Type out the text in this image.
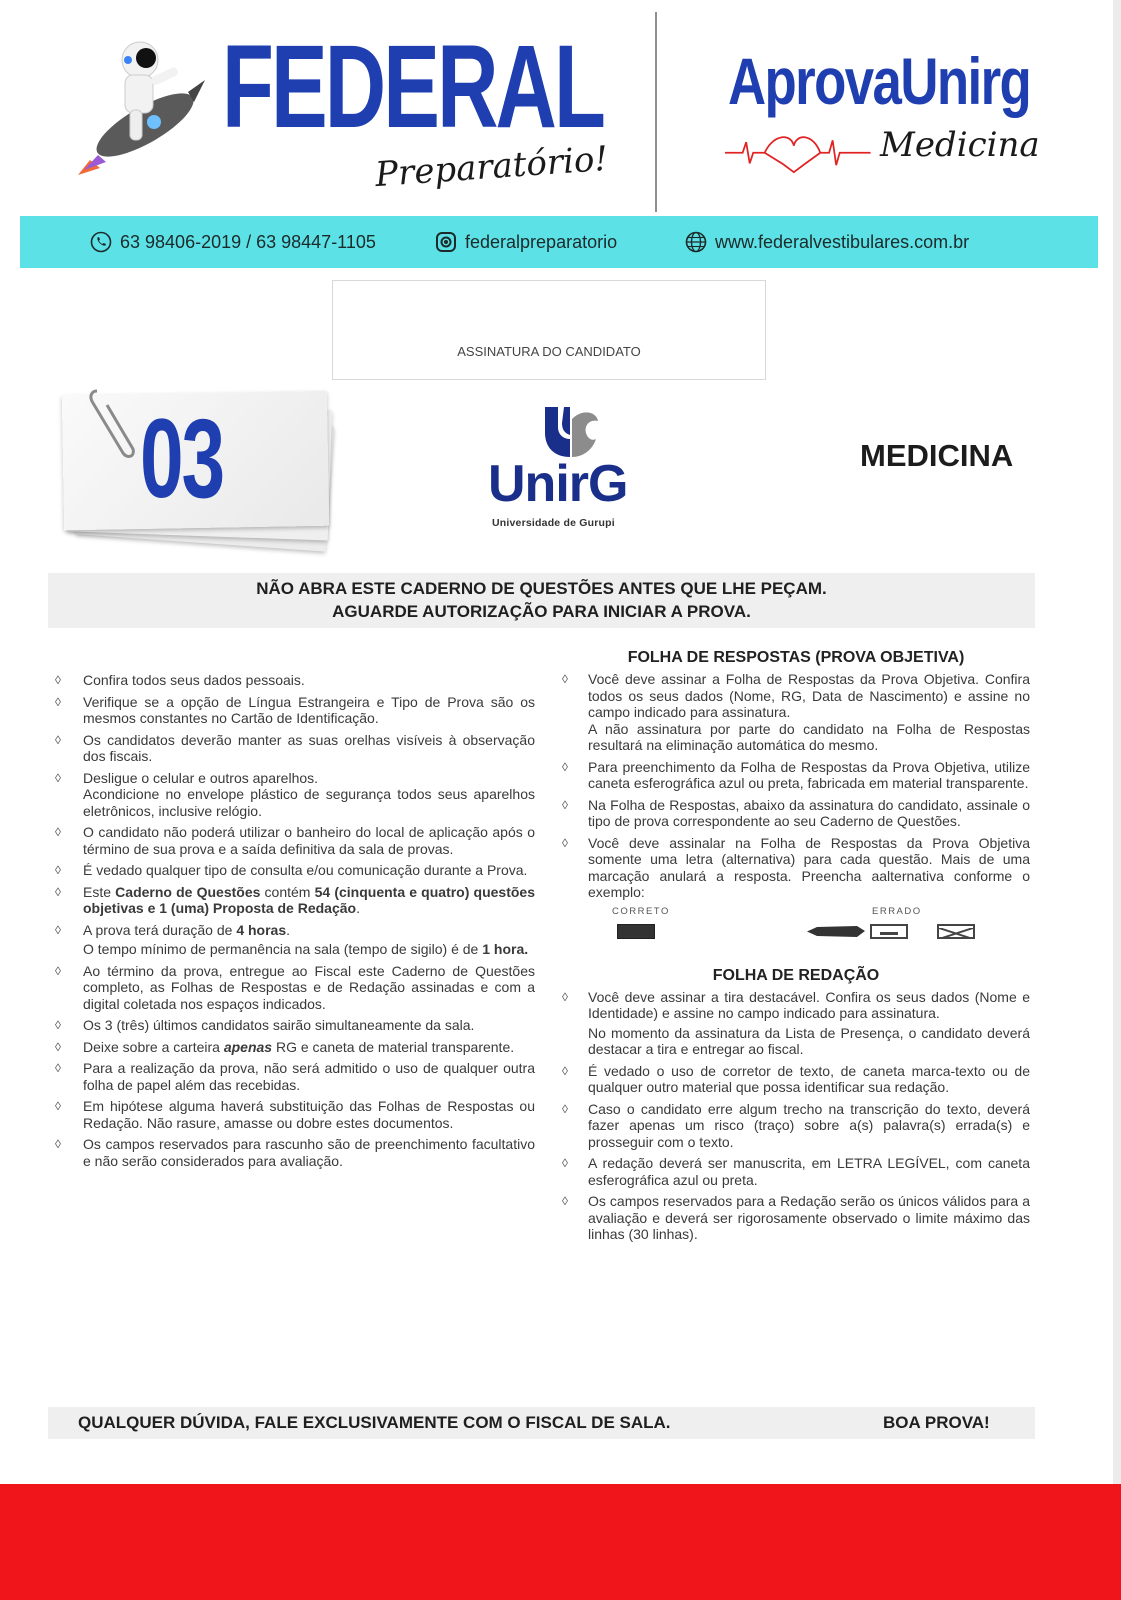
FEDERAL
Preparatório!
AprovaUnirg
Medicina
63 98406-2019 / 63 98447-1105	federalpreparatorio	www.federalvestibulares.com.br
ASSINATURA DO CANDIDATO
03	UnirG
Universidade de Gurupi
MEDICINA
NÃO ABRA ESTE CADERNO DE QUESTÕES ANTES QUE LHE PEÇAM.
AGUARDE AUTORIZAÇÃO PARA INICIAR A PROVA.
◊ Confira todos seus dados pessoais.

◊ Verifique se a opção de Língua Estrangeira e Tipo de Prova são os mesmos constantes no Cartão de Identificação.

◊ Os candidatos deverão manter as suas orelhas visíveis à observação dos fiscais.

◊ Desligue o celular e outros aparelhos.

Acondicione no envelope plástico de segurança todos seus aparelhos eletrônicos, inclusive relógio.

◊ O candidato não poderá utilizar o banheiro do local de aplicação após o término de sua prova e a saída definitiva da sala de provas.

◊ É vedado qualquer tipo de consulta e/ou comunicação durante a Prova.

◊ Este Caderno de Questões contém 54 (cinquenta e quatro) questões objetivas e 1 (uma) Proposta de Redação.

◊ A prova terá duração de 4 horas.

O tempo mínimo de permanência na sala (tempo de sigilo) é de 1 hora.

◊ Ao término da prova, entregue ao Fiscal este Caderno de Questões completo, as Folhas de Respostas e de Redação assinadas e com a digital coletada nos espaços indicados.

◊ Os 3 (três) últimos candidatos sairão simultaneamente da sala.

◊ Deixe sobre a carteira apenas RG e caneta de material transparente.

◊ Para a realização da prova, não será admitido o uso de qualquer outra folha de papel além das recebidas.

◊ Em hipótese alguma haverá substituição das Folhas de Respostas ou Redação. Não rasure, amasse ou dobre estes documentos.

◊ Os campos reservados para rascunho são de preenchimento facultativo e não serão considerados para avaliação.

FOLHA DE RESPOSTAS (PROVA OBJETIVA)
◊ Você deve assinar a Folha de Respostas da Prova Objetiva. Confira todos os seus dados (Nome, RG, Data de Nascimento) e assine no campo indicado para assinatura.

A não assinatura por parte do candidato na Folha de Respostas resultará na eliminação automática do mesmo.

◊ Para preenchimento da Folha de Respostas da Prova Objetiva, utilize caneta esferográfica azul ou preta, fabricada em material transparente.

◊ Na Folha de Respostas, abaixo da assinatura do candidato, assinale o tipo de prova correspondente ao seu Caderno de Questões.

◊ Você deve assinalar na Folha de Respostas da Prova Objetiva somente uma letra (alternativa) para cada questão. Mais de uma marcação anulará a resposta. Preencha aalternativa conforme o exemplo:

CORRETO	ERRADO
FOLHA DE REDAÇÃO
◊ Você deve assinar a tira destacável. Confira os seus dados (Nome e Identidade) e assine no campo indicado para assinatura.

No momento da assinatura da Lista de Presença, o candidato deverá destacar a tira e entregar ao fiscal.

◊ É vedado o uso de corretor de texto, de caneta marca-texto ou de qualquer outro material que possa identificar sua redação.

◊ Caso o candidato erre algum trecho na transcrição do texto, deverá fazer apenas um risco (traço) sobre a(s) palavra(s) errada(s) e prosseguir com o texto.

◊ A redação deverá ser manuscrita, em LETRA LEGÍVEL, com caneta esferográfica azul ou preta.

◊ Os campos reservados para a Redação serão os únicos válidos para a avaliação e deverá ser rigorosamente observado o limite máximo das linhas (30 linhas).

QUALQUER DÚVIDA, FALE EXCLUSIVAMENTE COM O FISCAL DE SALA.	BOA PROVA!
